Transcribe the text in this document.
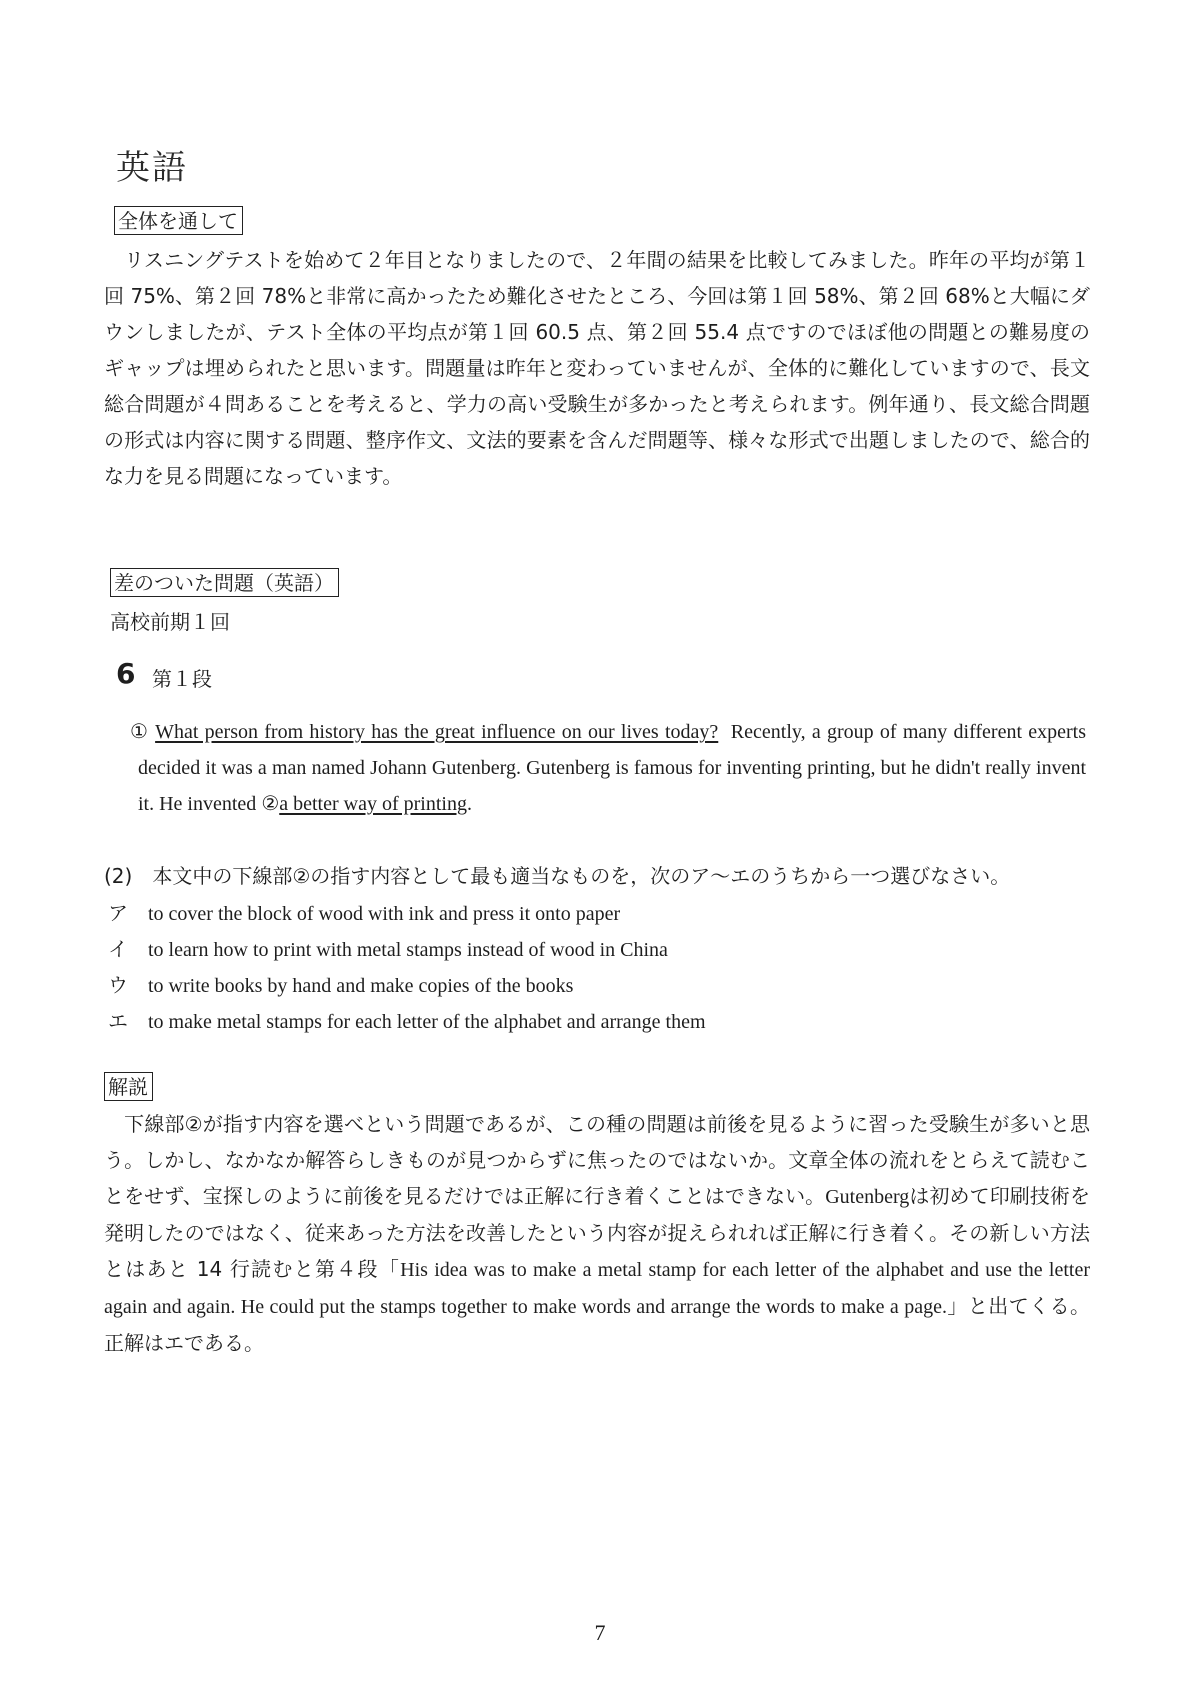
英語
全体を通して
リスニングテストを始めて２年目となりましたので、２年間の結果を比較してみました。昨年の平均が第１回 75%、第２回 78%と非常に高かったため難化させたところ、今回は第１回 58%、第２回 68%と大幅にダウンしましたが、テスト全体の平均点が第１回 60.5 点、第２回 55.4 点ですのでほぼ他の問題との難易度のギャップは埋められたと思います。問題量は昨年と変わっていませんが、全体的に難化していますので、長文総合問題が４問あることを考えると、学力の高い受験生が多かったと考えられます。例年通り、長文総合問題の形式は内容に関する問題、整序作文、文法的要素を含んだ問題等、様々な形式で出題しましたので、総合的な力を見る問題になっています。
差のついた問題（英語）
高校前期１回
6 第１段
① What person from history has the great influence on our lives today? Recently, a group of many different experts decided it was a man named Johann Gutenberg. Gutenberg is famous for inventing printing, but he didn't really invent it. He invented ②a better way of printing.
(2)　本文中の下線部②の指す内容として最も適当なものを，次のア～エのうちから一つ選びなさい。
ア to cover the block of wood with ink and press it onto paper
イ to learn how to print with metal stamps instead of wood in China
ウ to write books by hand and make copies of the books
エ to make metal stamps for each letter of the alphabet and arrange them
解説
下線部②が指す内容を選べという問題であるが、この種の問題は前後を見るように習った受験生が多いと思う。しかし、なかなか解答らしきものが見つからずに焦ったのではないか。文章全体の流れをとらえて読むことをせず、宝探しのように前後を見るだけでは正解に行き着くことはできない。Gutenbergは初めて印刷技術を発明したのではなく、従来あった方法を改善したという内容が捉えられれば正解に行き着く。その新しい方法とはあと 14 行読むと第４段「His idea was to make a metal stamp for each letter of the alphabet and use the letter again and again. He could put the stamps together to make words and arrange the words to make a page.」と出てくる。 正解はエである。
7
